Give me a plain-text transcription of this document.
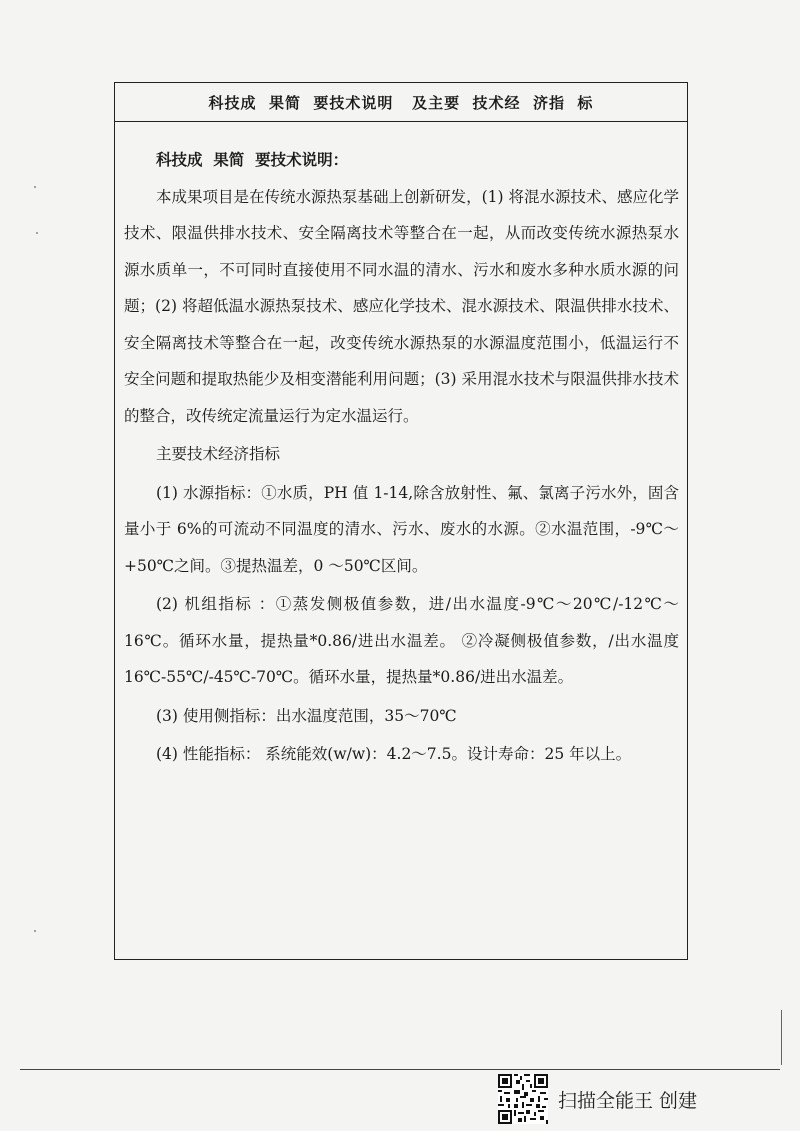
科技成  果简  要技术说明   及主要  技术经  济指  标

科技成  果简  要技术说明：

本成果项目是在传统水源热泵基础上创新研发，(1) 将混水源技术、感应化学技术、限温供排水技术、安全隔离技术等整合在一起，从而改变传统水源热泵水源水质单一，不可同时直接使用不同水温的清水、污水和废水多种水质水源的问题；(2) 将超低温水源热泵技术、感应化学技术、混水源技术、限温供排水技术、安全隔离技术等整合在一起，改变传统水源热泵的水源温度范围小，低温运行不安全问题和提取热能少及相变潜能利用问题；(3) 采用混水技术与限温供排水技术的整合，改传统定流量运行为定水温运行。

主要技术经济指标

(1) 水源指标：①水质，PH 值 1-14,除含放射性、氟、氯离子污水外，固含量小于 6%的可流动不同温度的清水、污水、废水的水源。②水温范围，-9℃～+50℃之间。③提热温差，0 ～50℃区间。

(2) 机组指标 ：①蒸发侧极值参数，进/出水温度-9℃～20℃/-12℃～16℃。循环水量，提热量*0.86/进出水温差。 ②冷凝侧极值参数，/出水温度 16℃-55℃/-45℃-70℃。循环水量，提热量*0.86/进出水温差。

(3) 使用侧指标：出水温度范围，35～70℃

(4) 性能指标： 系统能效(w/w)：4.2～7.5。设计寿命：25 年以上。

扫描全能王 创建
